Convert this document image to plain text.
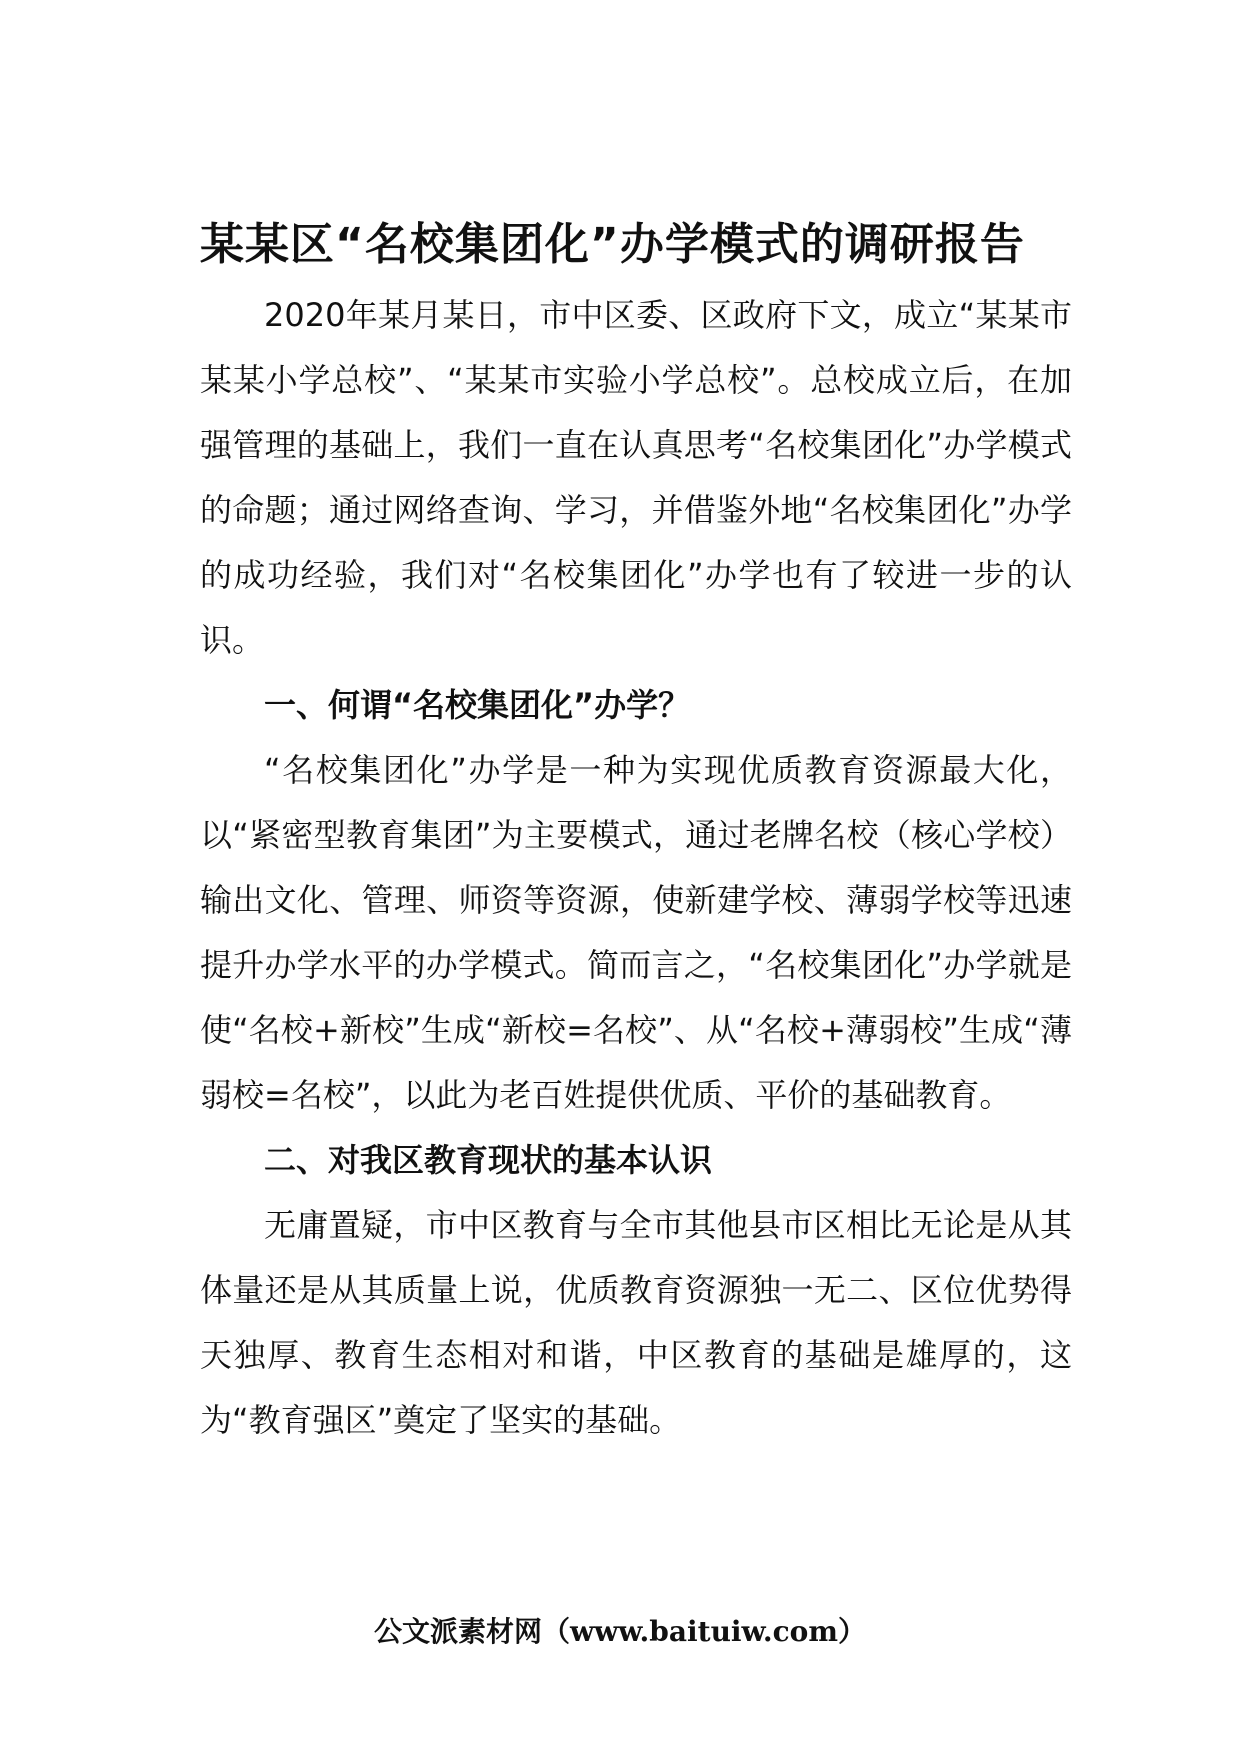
某某区“名校集团化”办学模式的调研报告

2020年某月某日，市中区委、区政府下文，成立“某某市某某小学总校”、“某某市实验小学总校”。总校成立后，在加强管理的基础上，我们一直在认真思考“名校集团化”办学模式的命题；通过网络查询、学习，并借鉴外地“名校集团化”办学的成功经验，我们对“名校集团化”办学也有了较进一步的认识。

一、何谓“名校集团化”办学？

“名校集团化”办学是一种为实现优质教育资源最大化，以“紧密型教育集团”为主要模式，通过老牌名校（核心学校）输出文化、管理、师资等资源，使新建学校、薄弱学校等迅速提升办学水平的办学模式。简而言之，“名校集团化”办学就是使“名校+新校”生成“新校=名校”、从“名校+薄弱校”生成“薄弱校=名校”，以此为老百姓提供优质、平价的基础教育。

二、对我区教育现状的基本认识

无庸置疑，市中区教育与全市其他县市区相比无论是从其体量还是从其质量上说，优质教育资源独一无二、区位优势得天独厚、教育生态相对和谐，中区教育的基础是雄厚的，这为“教育强区”奠定了坚实的基础。

公文派素材网（www.baituiw.com）
